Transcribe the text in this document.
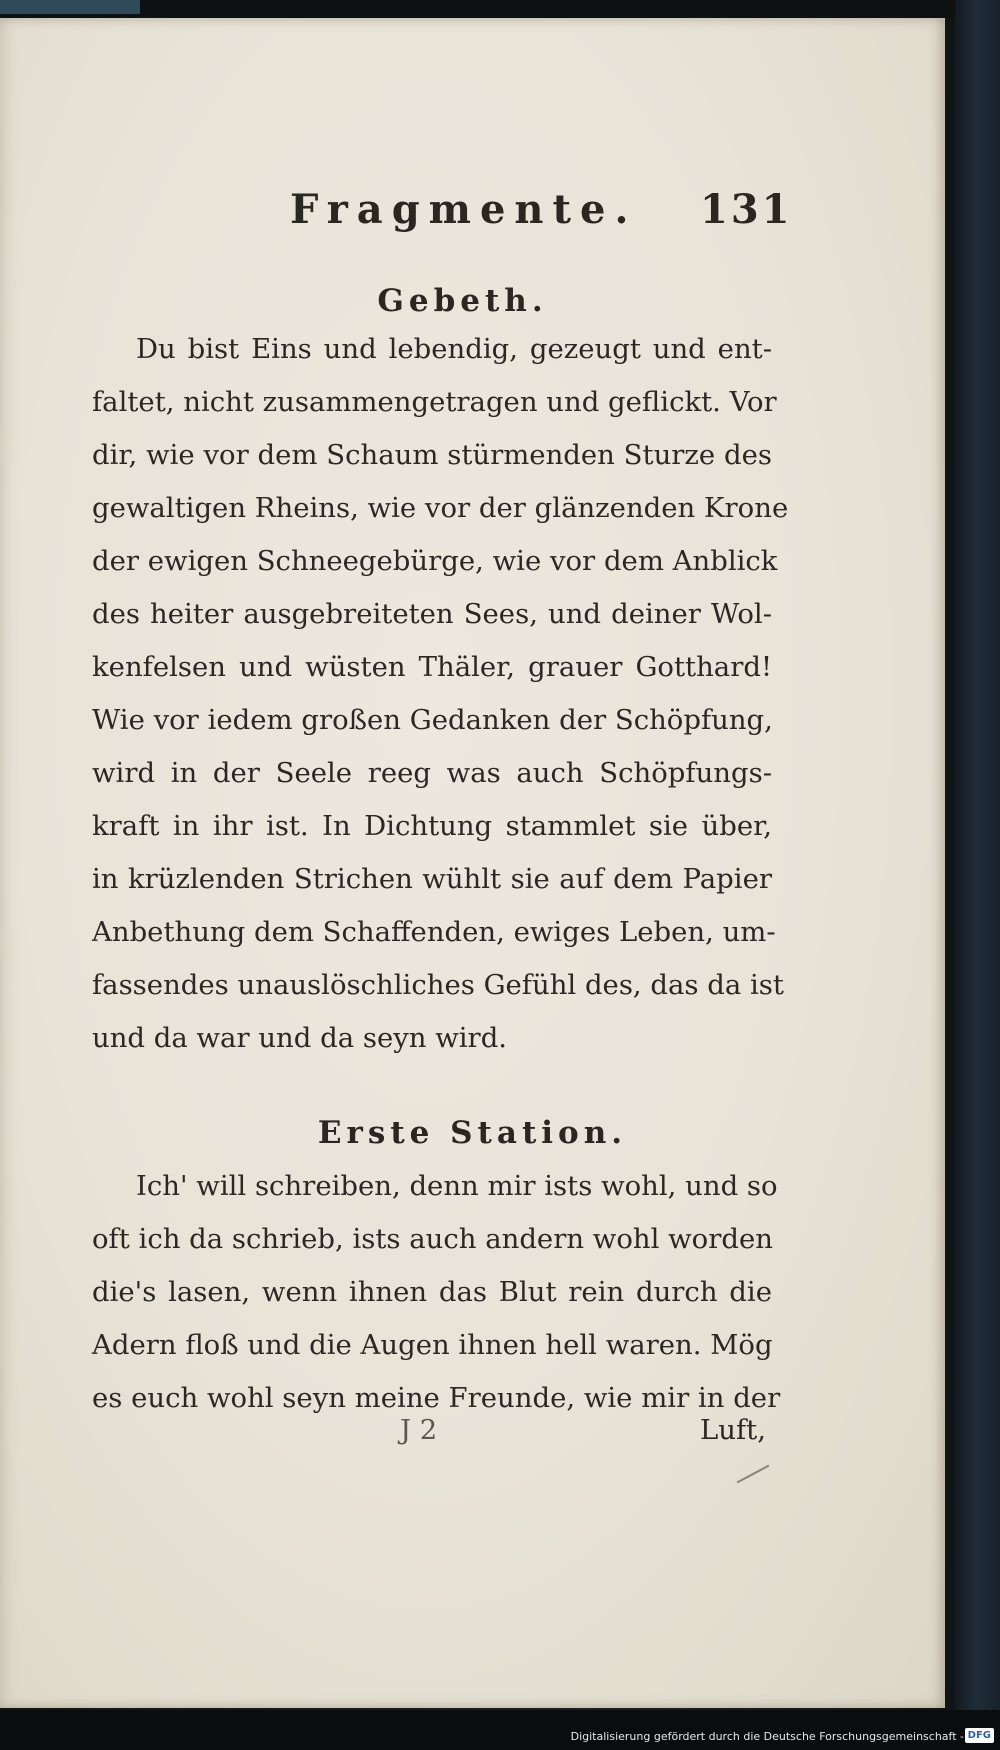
Fragmente. 131
Gebeth.
Du bist Eins und lebendig, gezeugt und ent-
faltet, nicht zusammengetragen und geflickt. Vor
dir, wie vor dem Schaum stürmenden Sturze des
gewaltigen Rheins, wie vor der glänzenden Krone
der ewigen Schneegebürge, wie vor dem Anblick
des heiter ausgebreiteten Sees, und deiner Wol-
kenfelsen und wüsten Thäler, grauer Gotthard!
Wie vor iedem großen Gedanken der Schöpfung,
wird in der Seele reeg was auch Schöpfungs-
kraft in ihr ist. In Dichtung stammlet sie über,
in krüzlenden Strichen wühlt sie auf dem Papier
Anbethung dem Schaffenden, ewiges Leben, um-
fassendes unauslöschliches Gefühl des, das da ist
und da war und da seyn wird.
Erste Station.
Ich' will schreiben, denn mir ists wohl, und so
oft ich da schrieb, ists auch andern wohl worden
die's lasen, wenn ihnen das Blut rein durch die
Adern floß und die Augen ihnen hell waren. Mög
es euch wohl seyn meine Freunde, wie mir in der
J 2	Luft,
Digitalisierung gefördert durch die Deutsche Forschungsgemeinschaft - DFG
